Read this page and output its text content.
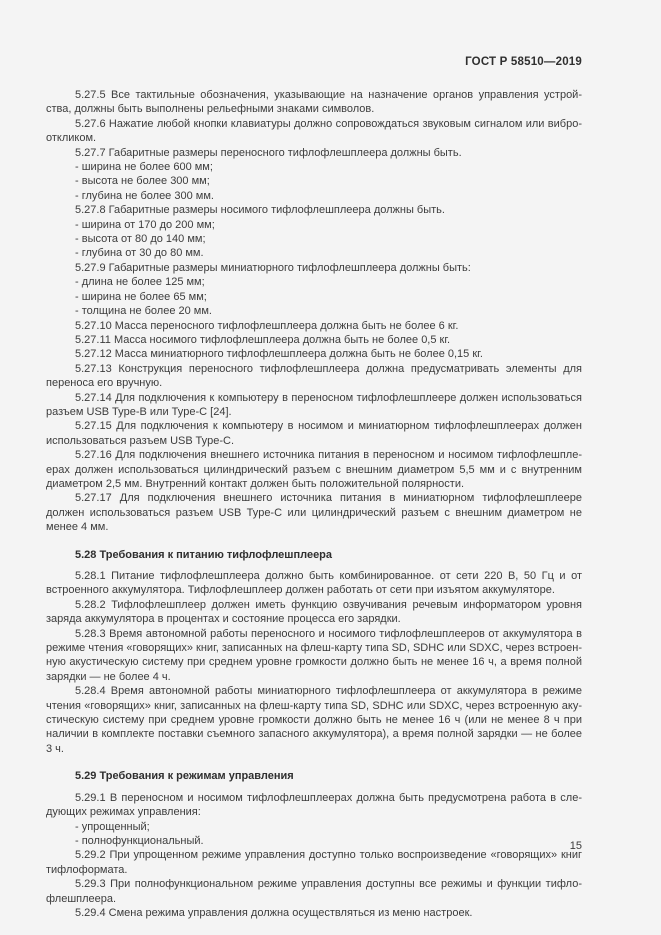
ГОСТ Р 58510—2019

5.27.5 Все тактильные обозначения, указывающие на назначение органов управления устройства, должны быть выполнены рельефными знаками символов.

5.27.6 Нажатие любой кнопки клавиатуры должно сопровождаться звуковым сигналом или виброоткликом.

5.27.7 Габаритные размеры переносного тифлофлешплеера должны быть.

- ширина не более 600 мм;

- высота не более 300 мм;

- глубина не более 300 мм.

5.27.8 Габаритные размеры носимого тифлофлешплеера должны быть.

- ширина от 170 до 200 мм;

- высота от 80 до 140 мм;

- глубина от 30 до 80 мм.

5.27.9 Габаритные размеры миниатюрного тифлофлешплеера должны быть:

- длина не более 125 мм;

- ширина не более 65 мм;

- толщина не более 20 мм.

5.27.10 Масса переносного тифлофлешплеера должна быть не более 6 кг.

5.27.11 Масса носимого тифлофлешплеера должна быть не более 0,5 кг.

5.27.12 Масса миниатюрного тифлофлешплеера должна быть не более 0,15 кг.

5.27.13 Конструкция переносного тифлофлешплеера должна предусматривать элементы для переноса его вручную.

5.27.14 Для подключения к компьютеру в переносном тифлофлешплеере должен использоваться разъем USB Type-B или Type-C [24].

5.27.15 Для подключения к компьютеру в носимом и миниатюрном тифлофлешплеерах должен использоваться разъем USB Type-C.

5.27.16 Для подключения внешнего источника питания в переносном и носимом тифлофлешплеерах должен использоваться цилиндрический разъем с внешним диаметром 5,5 мм и с внутренним диаметром 2,5 мм. Внутренний контакт должен быть положительной полярности.

5.27.17 Для подключения внешнего источника питания в миниатюрном тифлофлешплеере должен использоваться разъем USB Type-C или цилиндрический разъем с внешним диаметром не менее 4 мм.

5.28 Требования к питанию тифлофлешплеера

5.28.1 Питание тифлофлешплеера должно быть комбинированное. от сети 220 В, 50 Гц и от встроенного аккумулятора. Тифлофлешплеер должен работать от сети при изъятом аккумуляторе.

5.28.2 Тифлофлешплеер должен иметь функцию озвучивания речевым информатором уровня заряда аккумулятора в процентах и состояние процесса его зарядки.

5.28.3 Время автономной работы переносного и носимого тифлофлешплееров от аккумулятора в режиме чтения «говорящих» книг, записанных на флеш-карту типа SD, SDHC или SDXC, через встроенную акустическую систему при среднем уровне громкости должно быть не менее 16 ч, а время полной зарядки — не более 4 ч.

5.28.4 Время автономной работы миниатюрного тифлофлешплеера от аккумулятора в режиме чтения «говорящих» книг, записанных на флеш-карту типа SD, SDHC или SDXC, через встроенную акустическую систему при среднем уровне громкости должно быть не менее 16 ч (или не менее 8 ч при наличии в комплекте поставки съемного запасного аккумулятора), а время полной зарядки — не более 3 ч.

5.29 Требования к режимам управления

5.29.1 В переносном и носимом тифлофлешплеерах должна быть предусмотрена работа в следующих режимах управления:

- упрощенный;

- полнофункциональный.

5.29.2 При упрощенном режиме управления доступно только воспроизведение «говорящих» книг тифлоформата.

5.29.3 При полнофункциональном режиме управления доступны все режимы и функции тифлофлешплеера.

5.29.4 Смена режима управления должна осуществляться из меню настроек.

15
